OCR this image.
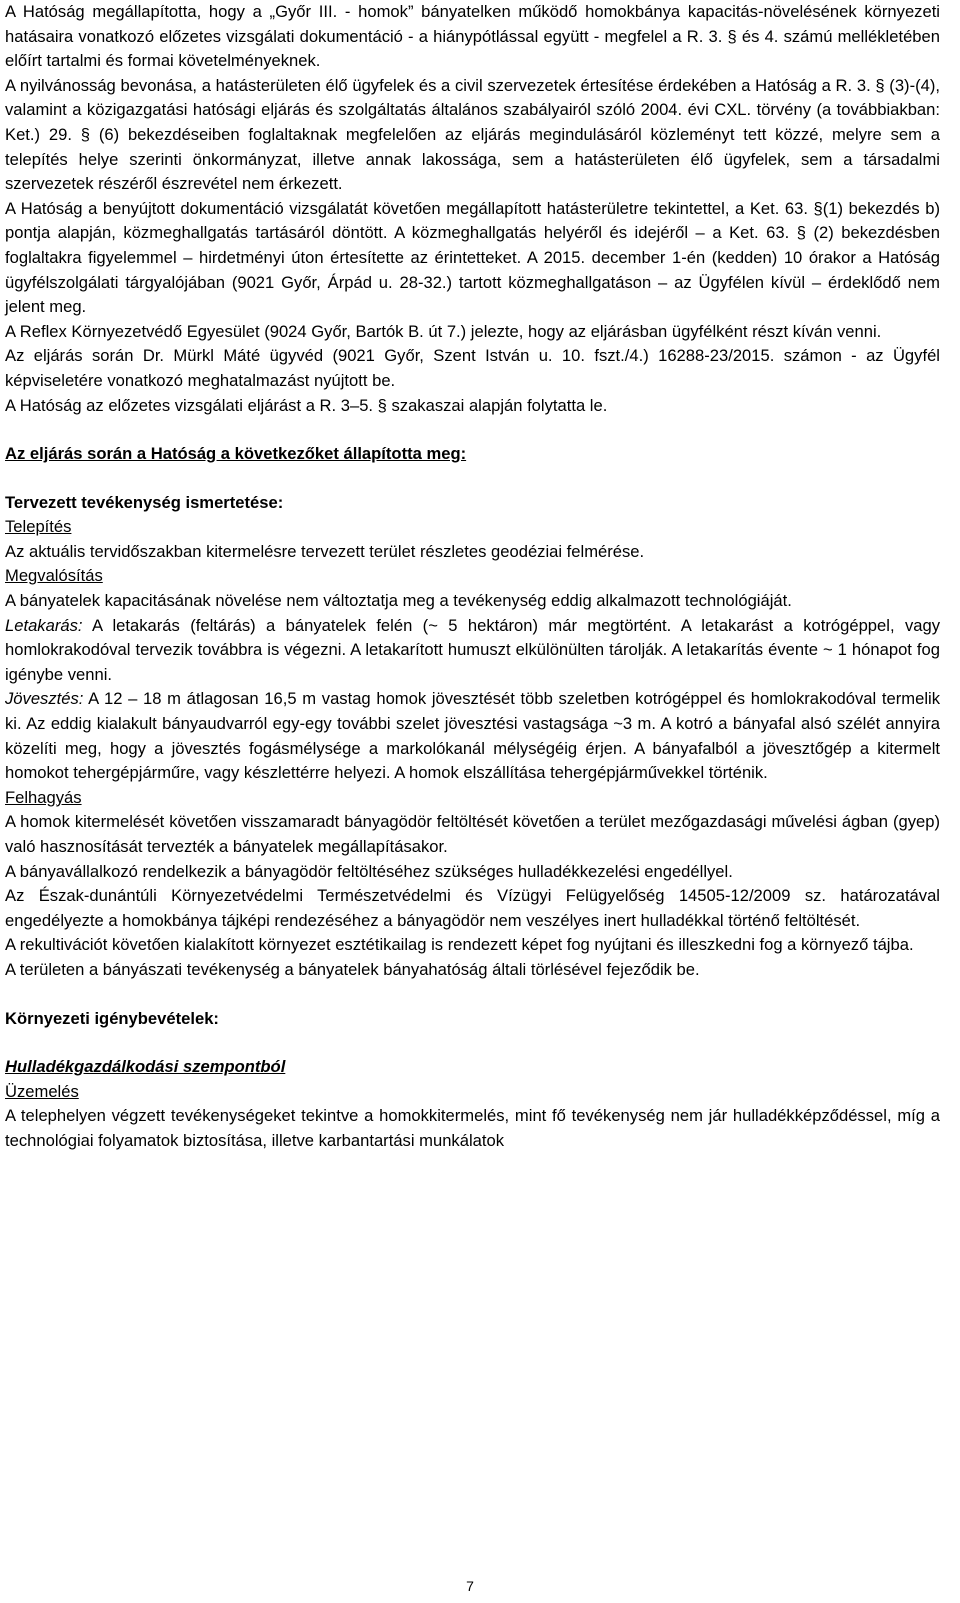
A Hatóság megállapította, hogy a „Győr III. - homok” bányatelken működő homokbánya kapacitás-növelésének környezeti hatásaira vonatkozó előzetes vizsgálati dokumentáció - a hiánypótlással együtt - megfelel a R. 3. § és 4. számú mellékletében előírt tartalmi és formai követelményeknek.

A nyilvánosság bevonása, a hatásterületen élő ügyfelek és a civil szervezetek értesítése érdekében a Hatóság a R. 3. § (3)-(4), valamint a közigazgatási hatósági eljárás és szolgáltatás általános szabályairól szóló 2004. évi CXL. törvény (a továbbiakban: Ket.) 29. § (6) bekezdéseiben foglaltaknak megfelelően az eljárás megindulásáról közleményt tett közzé, melyre sem a telepítés helye szerinti önkormányzat, illetve annak lakossága, sem a hatásterületen élő ügyfelek, sem a társadalmi szervezetek részéről észrevétel nem érkezett.

A Hatóság a benyújtott dokumentáció vizsgálatát követően megállapított hatásterületre tekintettel, a Ket. 63. §(1) bekezdés b) pontja alapján, közmeghallgatás tartásáról döntött. A közmeghallgatás helyéről és idejéről – a Ket. 63. § (2) bekezdésben foglaltakra figyelemmel – hirdetményi úton értesítette az érintetteket. A 2015. december 1-én (kedden) 10 órakor a Hatóság ügyfélszolgálati tárgyalójában (9021 Győr, Árpád u. 28-32.) tartott közmeghallgatáson – az Ügyfélen kívül – érdeklődő nem jelent meg.

A Reflex Környezetvédő Egyesület (9024 Győr, Bartók B. út 7.) jelezte, hogy az eljárásban ügyfélként részt kíván venni.

Az eljárás során Dr. Mürkl Máté ügyvéd (9021 Győr, Szent István u. 10. fszt./4.) 16288-23/2015. számon - az Ügyfél képviseletére vonatkozó meghatalmazást nyújtott be.

A Hatóság az előzetes vizsgálati eljárást a R. 3–5. § szakaszai alapján folytatta le.

Az eljárás során a Hatóság a következőket állapította meg:

Tervezett tevékenység ismertetése:

Telepítés

Az aktuális tervidőszakban kitermelésre tervezett terület részletes geodéziai felmérése.

Megvalósítás

A bányatelek kapacitásának növelése nem változtatja meg a tevékenység eddig alkalmazott technológiáját.

Letakarás: A letakarás (feltárás) a bányatelek felén (~ 5 hektáron) már megtörtént. A letakarást a kotrógéppel, vagy homlokrakodóval tervezik továbbra is végezni. A letakarított humuszt elkülönülten tárolják. A letakarítás évente ~ 1 hónapot fog igénybe venni.

Jövesztés: A 12 – 18 m átlagosan 16,5 m vastag homok jövesztését több szeletben kotrógéppel és homlokrakodóval termelik ki. Az eddig kialakult bányaudvarról egy-egy további szelet jövesztési vastagsága ~3 m. A kotró a bányafal alsó szélét annyira közelíti meg, hogy a jövesztés fogásmélysége a markolókanál mélységéig érjen. A bányafalból a jövesztőgép a kitermelt homokot tehergépjárműre, vagy készlettérre helyezi. A homok elszállítása tehergépjárművekkel történik.

Felhagyás

A homok kitermelését követően visszamaradt bányagödör feltöltését követően a terület mezőgazdasági művelési ágban (gyep) való hasznosítását tervezték a bányatelek megállapításakor.

A bányavállalkozó rendelkezik a bányagödör feltöltéséhez szükséges hulladékkezelési engedéllyel.

Az Észak-dunántúli Környezetvédelmi Természetvédelmi és Vízügyi Felügyelőség 14505-12/2009 sz. határozatával engedélyezte a homokbánya tájképi rendezéséhez a bányagödör nem veszélyes inert hulladékkal történő feltöltését.

A rekultivációt követően kialakított környezet esztétikailag is rendezett képet fog nyújtani és illeszkedni fog a környező tájba.

A területen a bányászati tevékenység a bányatelek bányahatóság általi törlésével fejeződik be.

Környezeti igénybevételek:

Hulladékgazdálkodási szempontból

Üzemelés

A telephelyen végzett tevékenységeket tekintve a homokkitermelés, mint fő tevékenység nem jár hulladékképződéssel, míg a technológiai folyamatok biztosítása, illetve karbantartási munkálatok

7
